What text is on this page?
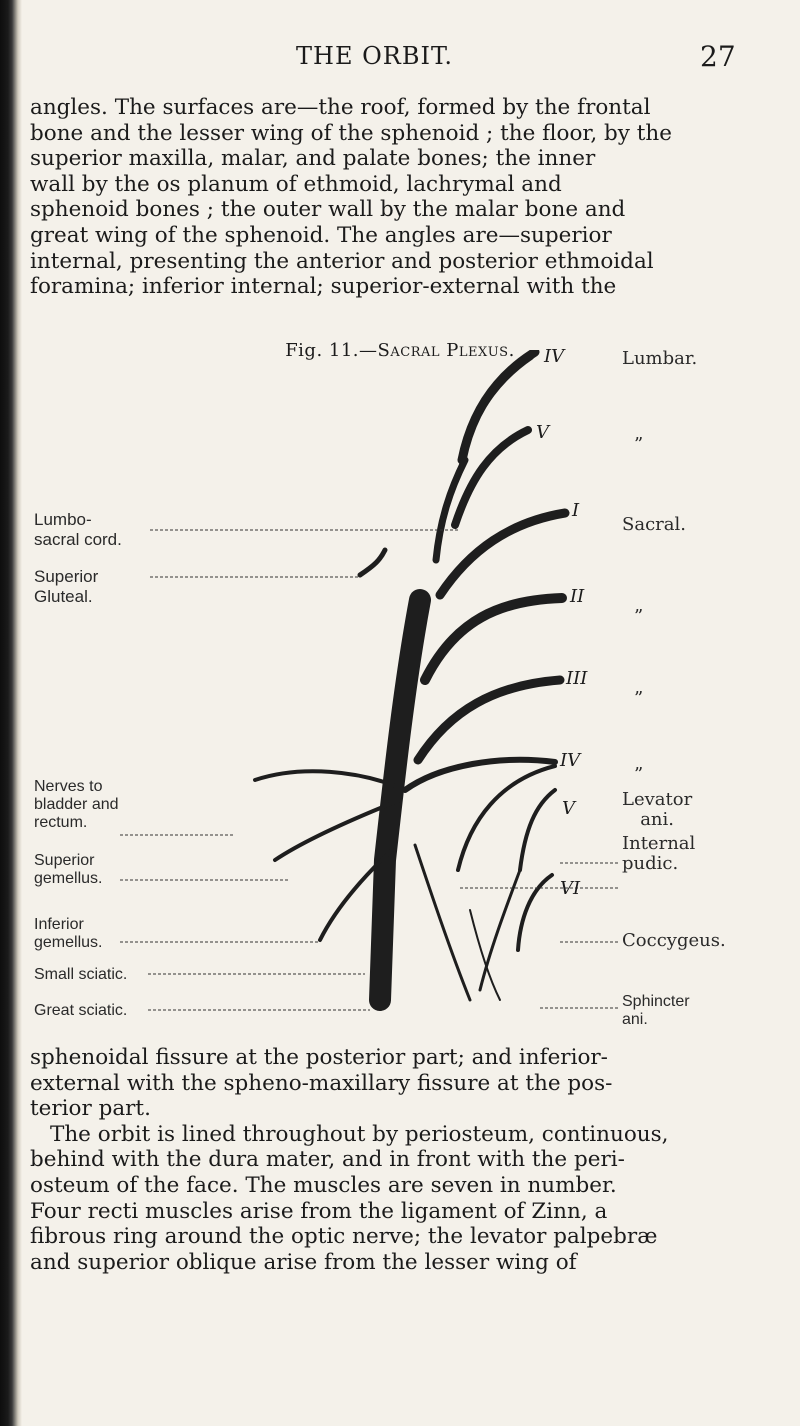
THE ORBIT.	27

angles. The surfaces are—the roof, formed by the frontal

bone and the lesser wing of the sphenoid ; the floor, by the

superior maxilla, malar, and palate bones; the inner

wall by the os planum of ethmoid, lachrymal and

sphenoid bones ; the outer wall by the malar bone and

great wing of the sphenoid. The angles are—superior

internal, presenting the anterior and posterior ethmoidal

foramina; inferior internal; superior-external with the

Fig. 11.—Sacral Plexus.	IV
V
I
II
III
IV
V
VI
Lumbar.
”
Sacral.
”
”
”
Levator
ani.
Internal
pudic.
Coccygeus.
Sphincter
ani.
Lumbo-
sacral cord.
Superior
Gluteal.
Nerves to
bladder and
rectum.
Superior
gemellus.
Inferior
gemellus.
Small sciatic.
Great sciatic.

sphenoidal fissure at the posterior part; and inferior-

external with the spheno-maxillary fissure at the pos-

terior part.

The orbit is lined throughout by periosteum, continuous,

behind with the dura mater, and in front with the peri-

osteum of the face. The muscles are seven in number.

Four recti muscles arise from the ligament of Zinn, a

fibrous ring around the optic nerve; the levator palpebræ

and superior oblique arise from the lesser wing of
